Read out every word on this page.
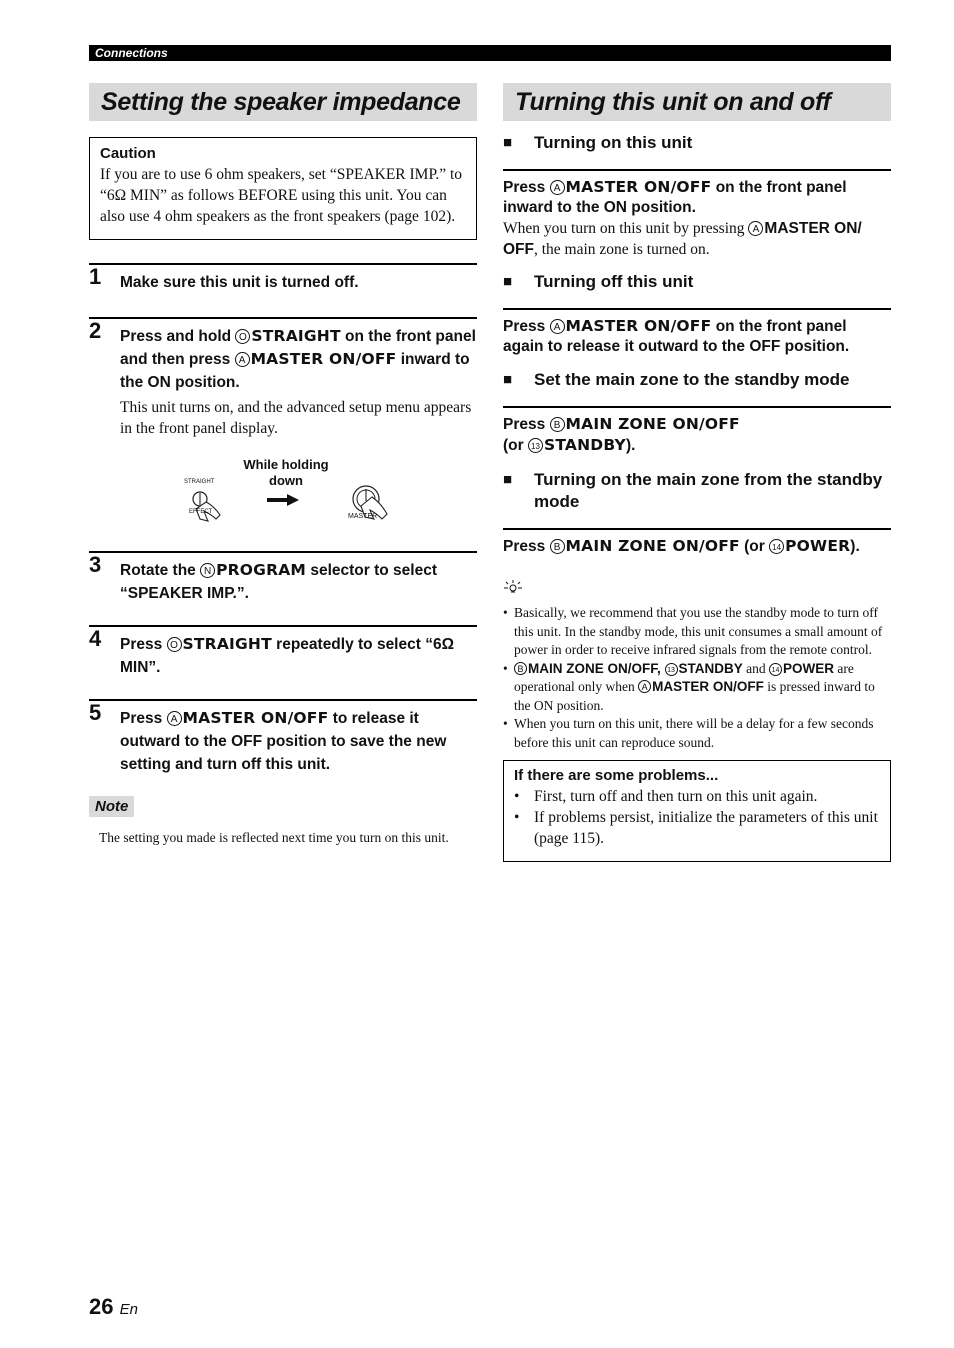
Connections
Setting the speaker impedance
Caution

If you are to use 6 ohm speakers, set “SPEAKER IMP.” to “6Ω MIN” as follows BEFORE using this unit. You can also use 4 ohm speakers as the front speakers (page 102).

1 Make sure this unit is turned off.
2 Press and hold O STRAIGHT on the front panel and then press A MASTER ON/OFF inward to the ON position.
This unit turns on, and the advanced setup menu appears in the front panel display.
While holding down
STRAIGHT
EFFECT
MASTER
3 Rotate the N PROGRAM selector to select “SPEAKER IMP.”.
4 Press O STRAIGHT repeatedly to select “6Ω MIN”.
5 Press A MASTER ON/OFF to release it outward to the OFF position to save the new setting and turn off this unit.
Note
The setting you made is reflected next time you turn on this unit.
Turning this unit on and off
■ Turning on this unit
Press A MASTER ON/OFF on the front panel inward to the ON position.
When you turn on this unit by pressing A MASTER ON/ OFF, the main zone is turned on.
■ Turning off this unit
Press A MASTER ON/OFF on the front panel again to release it outward to the OFF position.
■ Set the main zone to the standby mode
Press B MAIN ZONE ON/OFF
(or 13 STANDBY).
■ Turning on the main zone from the standby mode
Press B MAIN ZONE ON/OFF (or 14 POWER).
• Basically, we recommend that you use the standby mode to turn off this unit. In the standby mode, this unit consumes a small amount of power in order to receive infrared signals from the remote control.
• B MAIN ZONE ON/OFF, 13 STANDBY and 14 POWER are operational only when A MASTER ON/OFF is pressed inward to the ON position.
• When you turn on this unit, there will be a delay for a few seconds before this unit can reproduce sound.
If there are some problems...
• First, turn off and then turn on this unit again.
• If problems persist, initialize the parameters of this unit (page 115).
26 En
